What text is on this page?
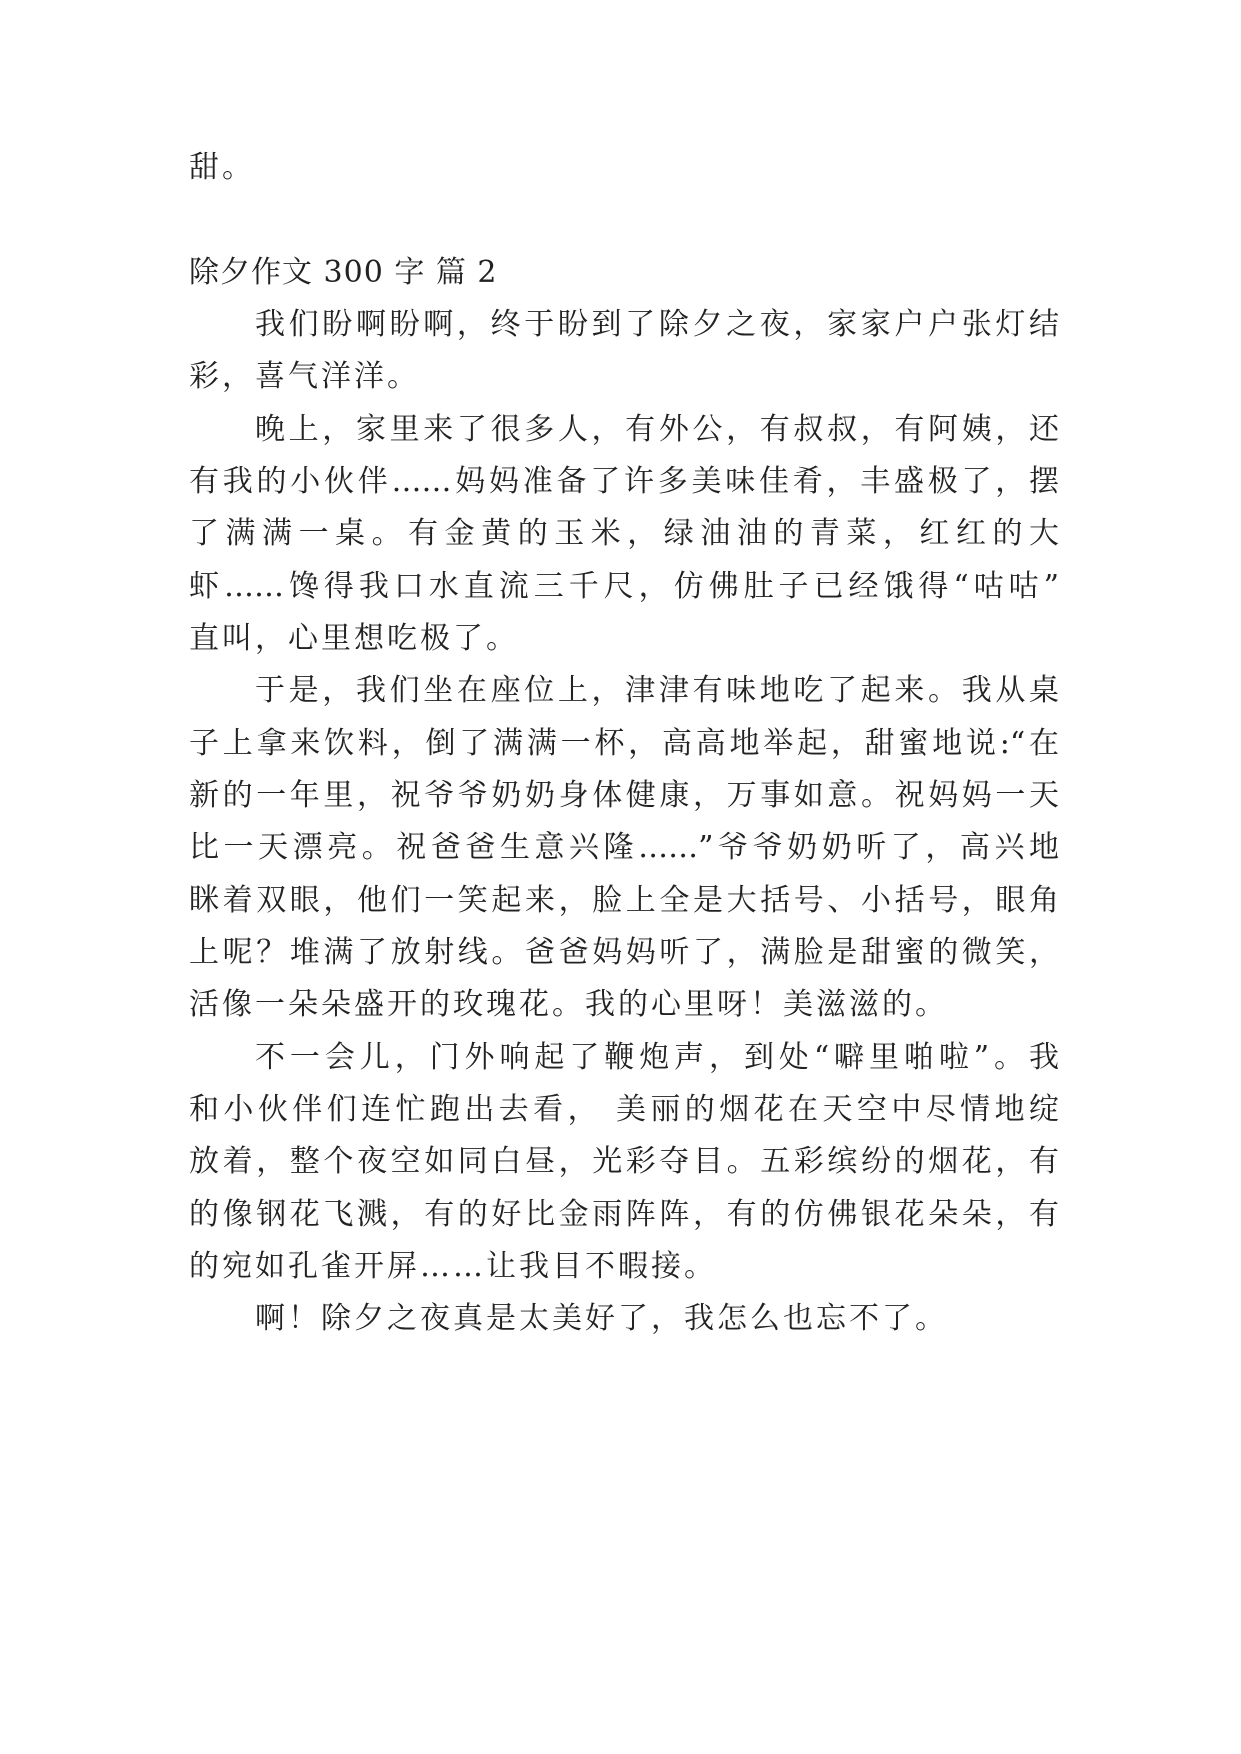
甜。
除夕作文 300 字 篇 2
我们盼啊盼啊，终于盼到了除夕之夜，家家户户张灯结
彩，喜气洋洋。
晚上，家里来了很多人，有外公，有叔叔，有阿姨，还
有我的小伙伴……妈妈准备了许多美味佳肴，丰盛极了，摆
了满满一桌。有金黄的玉米，绿油油的青菜，红红的大
虾……馋得我口水直流三千尺，仿佛肚子已经饿得“咕咕”
直叫，心里想吃极了。
于是，我们坐在座位上，津津有味地吃了起来。我从桌
子上拿来饮料，倒了满满一杯，高高地举起，甜蜜地说:“在
新的一年里，祝爷爷奶奶身体健康，万事如意。祝妈妈一天
比一天漂亮。祝爸爸生意兴隆……”爷爷奶奶听了，高兴地
眯着双眼，他们一笑起来，脸上全是大括号、小括号，眼角
上呢？堆满了放射线。爸爸妈妈听了，满脸是甜蜜的微笑，
活像一朵朵盛开的玫瑰花。我的心里呀！美滋滋的。
不一会儿，门外响起了鞭炮声，到处“噼里啪啦”。我
和小伙伴们连忙跑出去看， 美丽的烟花在天空中尽情地绽
放着，整个夜空如同白昼，光彩夺目。五彩缤纷的烟花，有
的像钢花飞溅，有的好比金雨阵阵，有的仿佛银花朵朵，有
的宛如孔雀开屏……让我目不暇接。
啊！除夕之夜真是太美好了，我怎么也忘不了。
